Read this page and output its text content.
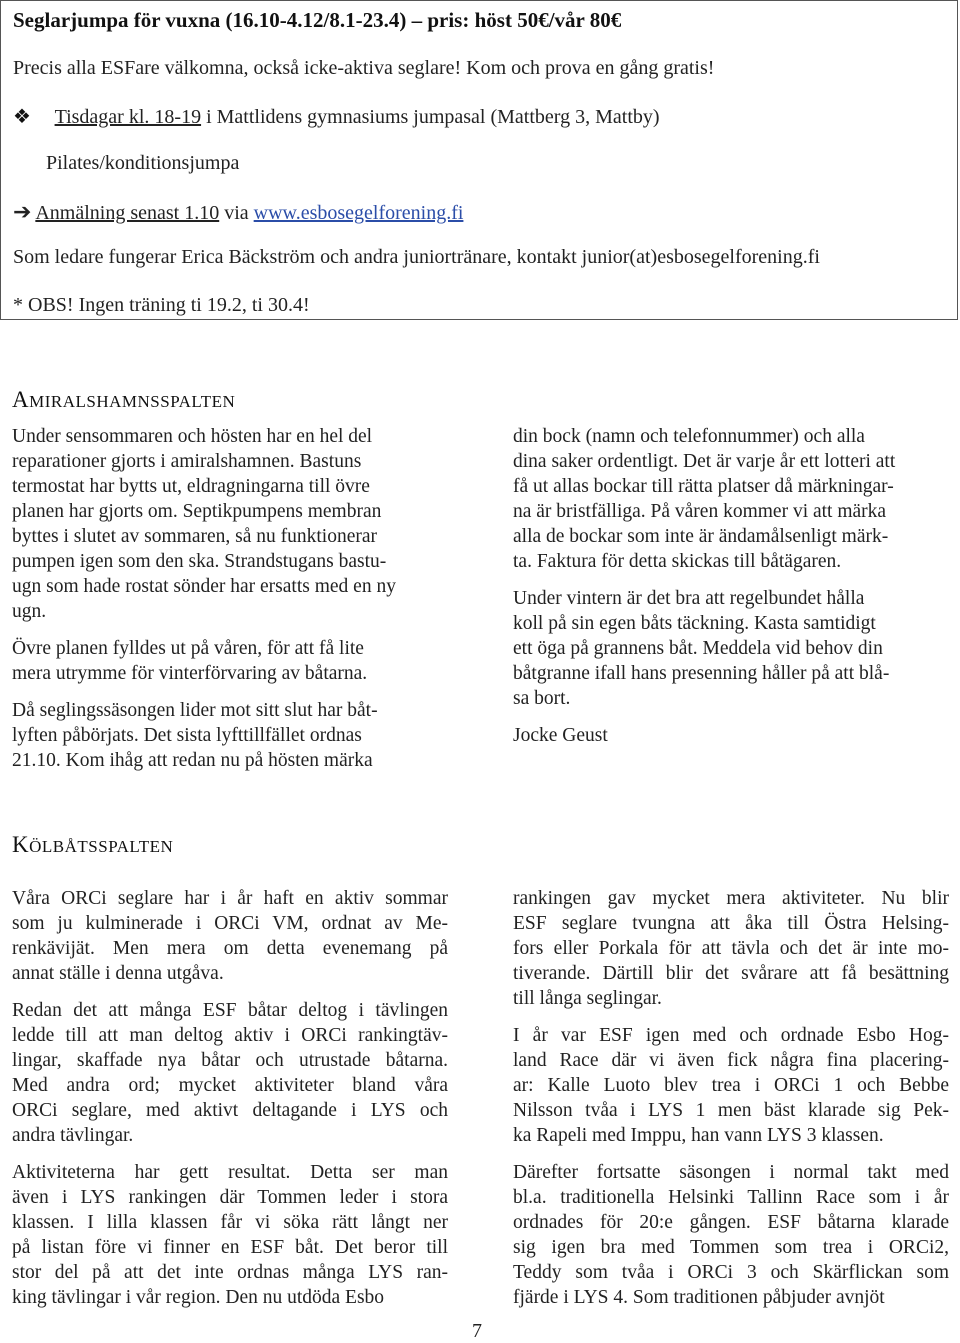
Seglarjumpa för vuxna (16.10-4.12/8.1-23.4) – pris: höst 50€/vår 80€
Precis alla ESFare välkomna, också icke-aktiva seglare! Kom och prova en gång gratis!
❖ Tisdagar kl. 18-19 i Mattlidens gymnasiums jumpasal (Mattberg 3, Mattby)
Pilates/konditionsjumpa
➔ Anmälning senast 1.10 via www.esbosegelforening.fi
Som ledare fungerar Erica Bäckström och andra juniortränare, kontakt junior(at)esbosegelforening.fi
* OBS! Ingen träning ti 19.2, ti 30.4!
AMIRALSHAMNSSPALTEN

Under sensommaren och hösten har en hel del
reparationer gjorts i amiralshamnen. Bastuns
termostat har bytts ut, eldragningarna till övre
planen har gjorts om. Septikpumpens membran
byttes i slutet av sommaren, så nu funktionerar
pumpen igen som den ska. Strandstugans bastu-
ugn som hade rostat sönder har ersatts med en ny
ugn.

Övre planen fylldes ut på våren, för att få lite
mera utrymme för vinterförvaring av båtarna.

Då seglingssäsongen lider mot sitt slut har båt-
lyften påbörjats. Det sista lyfttillfället ordnas
21.10. Kom ihåg att redan nu på hösten märka

din bock (namn och telefonnummer) och alla
dina saker ordentligt. Det är varje år ett lotteri att
få ut allas bockar till rätta platser då märkningar-
na är bristfälliga. På våren kommer vi att märka
alla de bockar som inte är ändamålsenligt märk-
ta. Faktura för detta skickas till båtägaren.

Under vintern är det bra att regelbundet hålla
koll på sin egen båts täckning. Kasta samtidigt
ett öga på grannens båt. Meddela vid behov din
båtgranne ifall hans presenning håller på att blå-
sa bort.

Jocke Geust

KÖLBÅTSSPALTEN

Våra ORCi seglare har i år haft en aktiv sommar
som ju kulminerade i ORCi VM, ordnat av Me-
renkävijät. Men mera om detta evenemang på
annat ställe i denna utgåva.

Redan det att många ESF båtar deltog i tävlingen
ledde till att man deltog aktiv i ORCi rankingtäv-
lingar, skaffade nya båtar och utrustade båtarna.
Med andra ord; mycket aktiviteter bland våra
ORCi seglare, med aktivt deltagande i LYS och
andra tävlingar.

Aktiviteterna har gett resultat. Detta ser man
även i LYS rankingen där Tommen leder i stora
klassen. I lilla klassen får vi söka rätt långt ner
på listan före vi finner en ESF båt. Det beror till
stor del på att det inte ordnas många LYS ran-
king tävlingar i vår region. Den nu utdöda Esbo

rankingen gav mycket mera aktiviteter. Nu blir
ESF seglare tvungna att åka till Östra Helsing-
fors eller Porkala för att tävla och det är inte mo-
tiverande. Därtill blir det svårare att få besättning
till långa seglingar.

I år var ESF igen med och ordnade Esbo Hog-
land Race där vi även fick några fina placering-
ar: Kalle Luoto blev trea i ORCi 1 och Bebbe
Nilsson tvåa i LYS 1 men bäst klarade sig Pek-
ka Rapeli med Imppu, han vann LYS 3 klassen.

Därefter fortsatte säsongen i normal takt med
bl.a. traditionella Helsinki Tallinn Race som i år
ordnades för 20:e gången. ESF båtarna klarade
sig igen bra med Tommen som trea i ORCi2,
Teddy som tvåa i ORCi 3 och Skärflickan som
fjärde i LYS 4. Som traditionen påbjuder avnjöt

7
